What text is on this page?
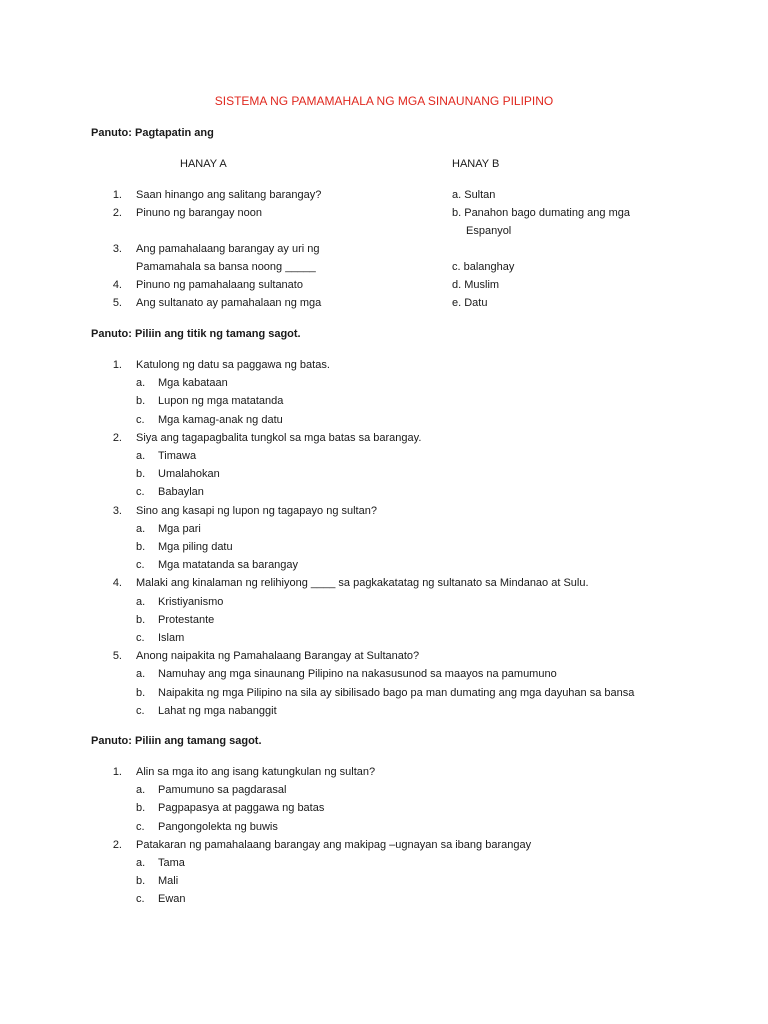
SISTEMA NG PAMAMAHALA NG MGA SINAUNANG PILIPINO
Panuto: Pagtapatin ang
HANAY A	HANAY B
1. Saan hinango ang salitang barangay?
2. Pinuno ng barangay noon
3. Ang pamahalaang barangay ay uri ng
Pamamahala sa bansa noong _____
4. Pinuno ng pamahalaang sultanato
5. Ang sultanato ay pamahalaan ng mga
a. Sultan
b. Panahon bago dumating ang mga
Espanyol
c. balanghay
d. Muslim
e. Datu
Panuto: Piliin ang titik ng tamang sagot.
1. Katulong ng datu sa paggawa ng batas.
a. Mga kabataan
b. Lupon ng mga matatanda
c. Mga kamag-anak ng datu
2. Siya ang tagapagbalita tungkol sa mga batas sa barangay.
a. Timawa
b. Umalahokan
c. Babaylan
3. Sino ang kasapi ng lupon ng tagapayo ng sultan?
a. Mga pari
b. Mga piling datu
c. Mga matatanda sa barangay
4. Malaki ang kinalaman ng relihiyong ____ sa pagkakatatag ng sultanato sa Mindanao at Sulu.
a. Kristiyanismo
b. Protestante
c. Islam
5. Anong naipakita ng Pamahalaang Barangay at Sultanato?
a. Namuhay ang mga sinaunang Pilipino na nakasusunod sa maayos na pamumuno
b. Naipakita ng mga Pilipino na sila ay sibilisado bago pa man dumating ang mga dayuhan sa bansa
c. Lahat ng mga nabanggit
Panuto: Piliin ang tamang sagot.
1. Alin sa mga ito ang isang katungkulan ng sultan?
a. Pamumuno sa pagdarasal
b. Pagpapasya at paggawa ng batas
c. Pangongolekta ng buwis
2. Patakaran ng pamahalaang barangay ang makipag –ugnayan sa ibang barangay
a. Tama
b. Mali
c. Ewan
